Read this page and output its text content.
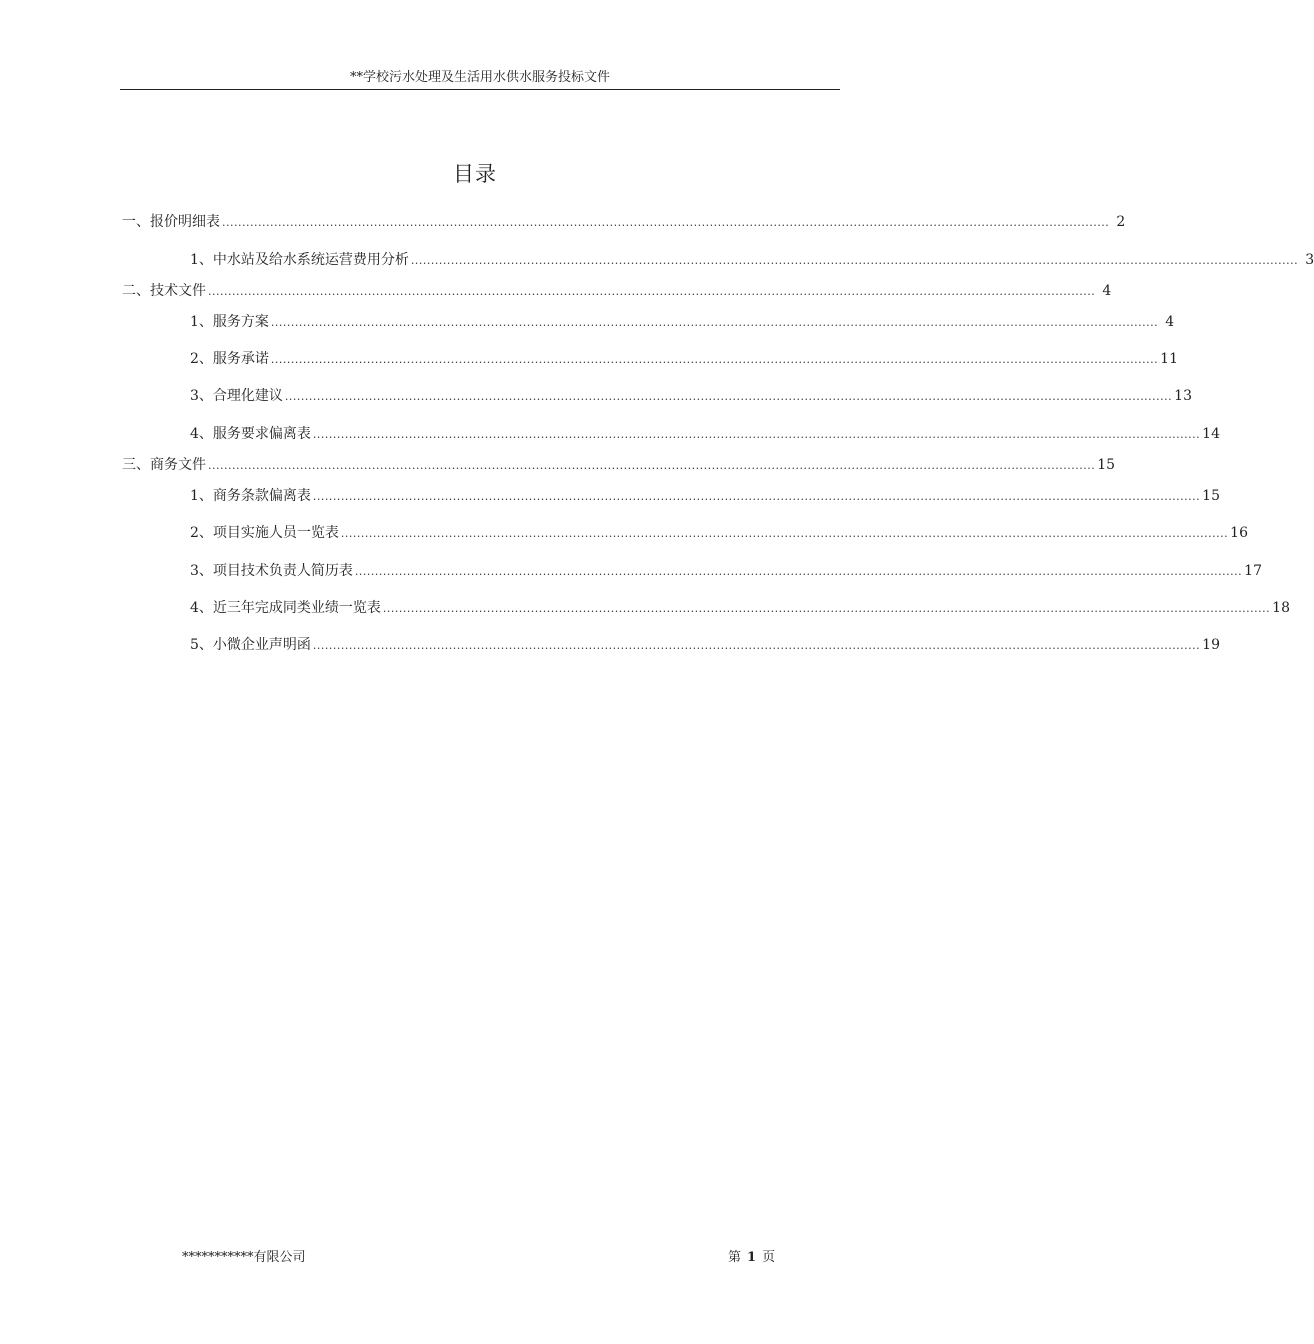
**学校污水处理及生活用水供水服务投标文件
目录
一、报价明细表 .............................................................................................................................................................................................................................. 2
1、中水站及给水系统运营费用分析 .............................................................................................................................................................................................................................. 3
二、技术文件 .............................................................................................................................................................................................................................. 4
1、服务方案 .............................................................................................................................................................................................................................. 4
2、服务承诺 .............................................................................................................................................................................................................................. 11
3、合理化建议 .............................................................................................................................................................................................................................. 13
4、服务要求偏离表 .............................................................................................................................................................................................................................. 14
三、商务文件 .............................................................................................................................................................................................................................. 15
1、商务条款偏离表 .............................................................................................................................................................................................................................. 15
2、项目实施人员一览表 .............................................................................................................................................................................................................................. 16
3、项目技术负责人简历表 .............................................................................................................................................................................................................................. 17
4、近三年完成同类业绩一览表 .............................................................................................................................................................................................................................. 18
5、小微企业声明函 .............................................................................................................................................................................................................................. 19
***********有限公司	第 1 页
